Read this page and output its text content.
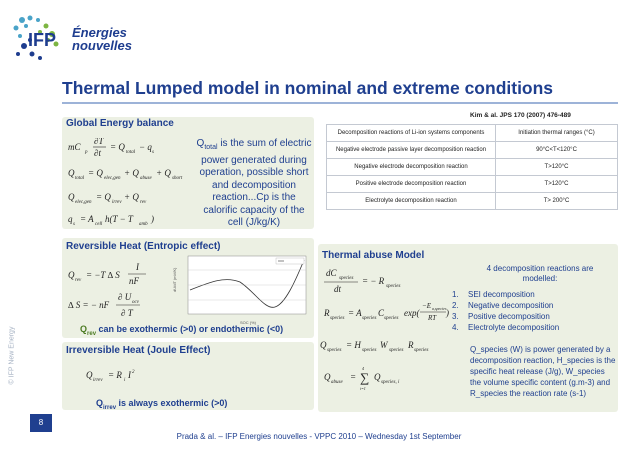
IFP Énergies
nouvelles
Thermal Lumped model in nominal and extreme conditions
© IFP New Energy
Kim & al. JPS 170 (2007) 476-489
Global Energy balance
mC
p
∂T
∂t
= Q
total
− q
s
Q
total
= Q
elec,gen
+ Q
abuse
+ Q
short
Q
elec,gen
= Q
irrev
+ Q
rev
q
s
= A
cell
h(T − T
amb
)
$Q_{total}$ is the sum of electric power generated during operation, possible short and decomposition reaction...Cp is the calorific capacity of the cell (J/kg/K)
Decomposition reactions of Li-ion systems components	Initiation thermal ranges (°C)
Negative electrode passive layer decomposition reaction	90°C<T<120°C
Negative electrode decomposition reaction	T>120°C
Positive electrode decomposition reaction	T>120°C
Electrolyte decomposition reaction	T> 200°C
Reversible Heat (Entropic effect)
Q
rev
= −T ∆ S
I
nF
∆ S = − nF
∂ U
ocv
∂ T
SOC (%)
dU/dT (mV/K)
$Q_{rev}$ can be exothermic (>0) or endothermic (<0)
Irreversible Heat (Joule Effect)
Q
irrev
= R
i
I 2
$Q_{irrev}$ is always exothermic (>0)
Thermal abuse Model
dC
species
dt
= − R
species
R
species
= A
species
C
species
exp(
−E a,species
RT )
Q
species
= H
species
W
species
R
species
Q
abuse
= ∑
4
i=1
Q
species, i
4 decomposition reactions are modelled:
1. SEI decomposition
2. Negative decomposition
3. Positive decomposition
4. Electrolyte decomposition
Q_species (W) is power generated by a decomposition reaction, H_species is the specific heat release (J/g), W_species the volume specific content (g.m-3) and R_species the reaction rate (s-1)
8
Prada & al. – IFP Energies nouvelles - VPPC 2010 – Wednesday 1st September
